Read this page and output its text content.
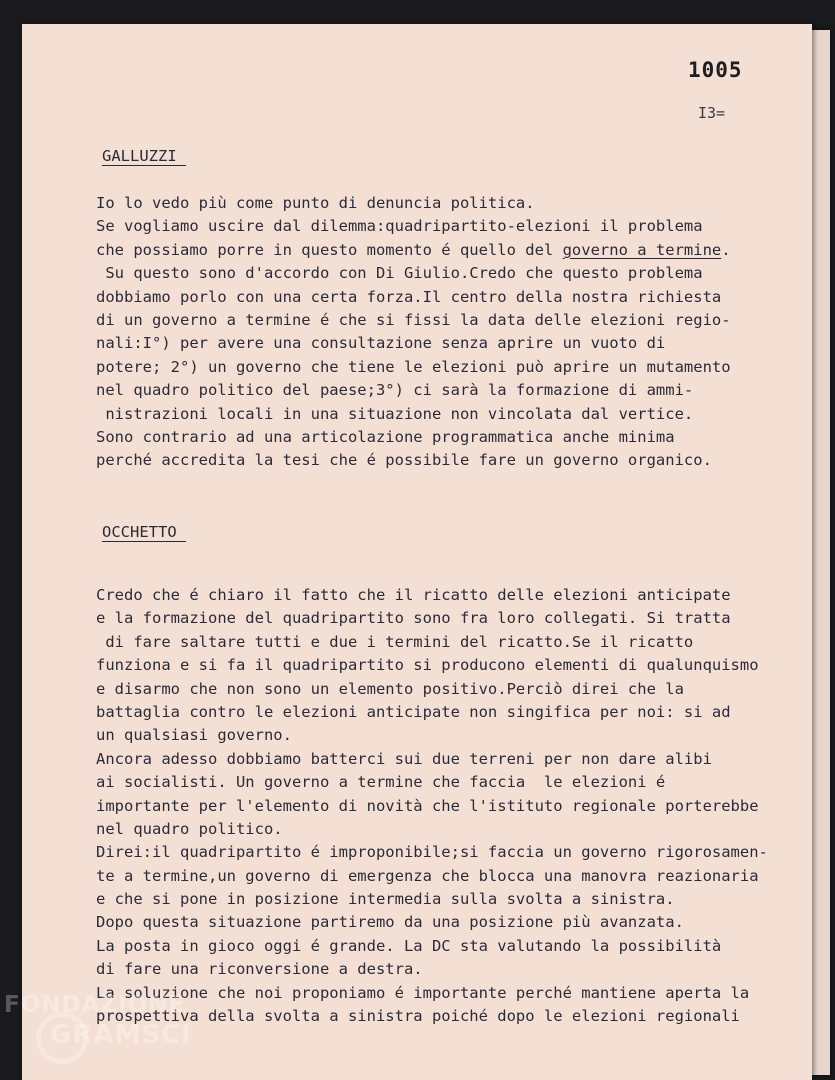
1005
I3=
GALLUZZI
Io lo vedo più come punto di denuncia politica.
Se vogliamo uscire dal dilemma:quadripartito-elezioni il problema
che possiamo porre in questo momento é quello del governo a termine.
Su questo sono d'accordo con Di Giulio.Credo che questo problema
dobbiamo porlo con una certa forza.Il centro della nostra richiesta
di un governo a termine é che si fissi la data delle elezioni regio-
nali:I°) per avere una consultazione senza aprire un vuoto di
potere; 2°) un governo che tiene le elezioni può aprire un mutamento
nel quadro politico del paese;3°) ci sarà la formazione di ammi-
nistrazioni locali in una situazione non vincolata dal vertice.
Sono contrario ad una articolazione programmatica anche minima
perché accredita la tesi che é possibile fare un governo organico.
OCCHETTO
Credo che é chiaro il fatto che il ricatto delle elezioni anticipate
e la formazione del quadripartito sono fra loro collegati. Si tratta
di fare saltare tutti e due i termini del ricatto.Se il ricatto
funziona e si fa il quadripartito si producono elementi di qualunquismo
e disarmo che non sono un elemento positivo.Perciò direi che la
battaglia contro le elezioni anticipate non singifica per noi: si ad
un qualsiasi governo.
Ancora adesso dobbiamo batterci sui due terreni per non dare alibi
ai socialisti. Un governo a termine che faccia  le elezioni é
importante per l'elemento di novità che l'istituto regionale porterebbe
nel quadro politico.
Direi:il quadripartito é improponibile;si faccia un governo rigorosamen-
te a termine,un governo di emergenza che blocca una manovra reazionaria
e che si pone in posizione intermedia sulla svolta a sinistra.
Dopo questa situazione partiremo da una posizione più avanzata.
La posta in gioco oggi é grande. La DC sta valutando la possibilità
di fare una riconversione a destra.
La soluzione che noi proponiamo é importante perché mantiene aperta la
prospettiva della svolta a sinistra poiché dopo le elezioni regionali
FONDAZIONE
GRAMSCI
